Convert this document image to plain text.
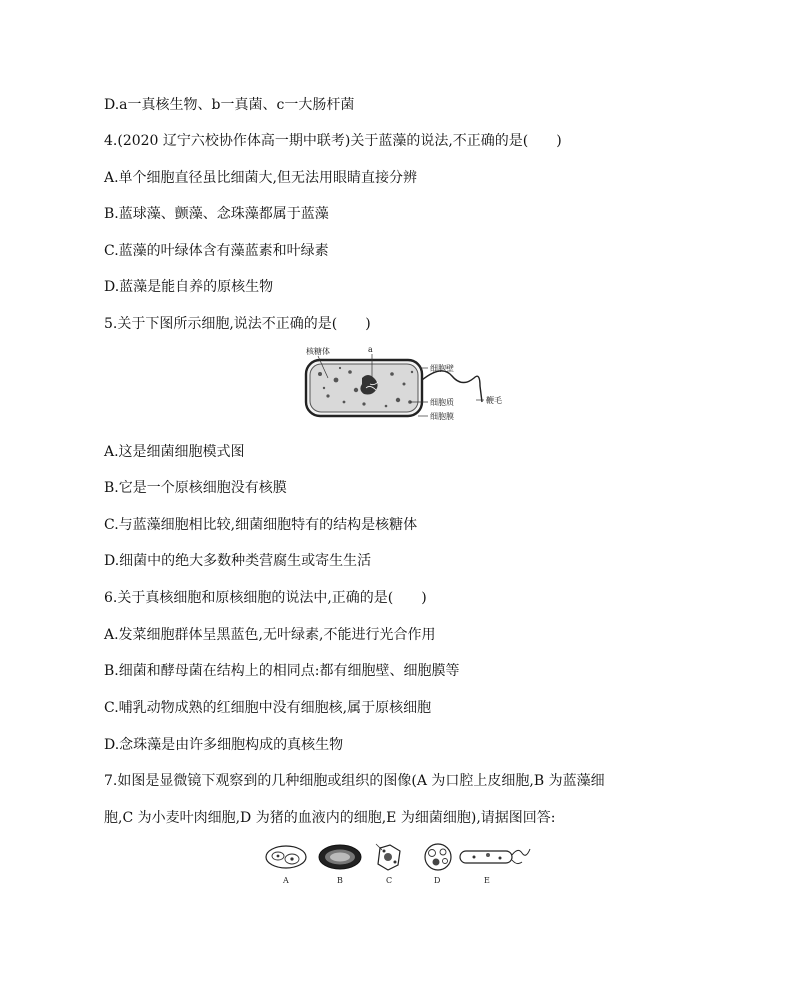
D.a一真核生物、b一真菌、c一大肠杆菌
4.(2020 辽宁六校协作体高一期中联考)关于蓝藻的说法,不正确的是(　　)
A.单个细胞直径虽比细菌大,但无法用眼睛直接分辨
B.蓝球藻、颤藻、念珠藻都属于蓝藻
C.蓝藻的叶绿体含有藻蓝素和叶绿素
D.蓝藻是能自养的原核生物
5.关于下图所示细胞,说法不正确的是(　　)
核糖体	a
细胞壁
鞭毛
细胞质
细胞膜
A.这是细菌细胞模式图
B.它是一个原核细胞没有核膜
C.与蓝藻细胞相比较,细菌细胞特有的结构是核糖体
D.细菌中的绝大多数种类营腐生或寄生生活
6.关于真核细胞和原核细胞的说法中,正确的是(　　)
A.发菜细胞群体呈黑蓝色,无叶绿素,不能进行光合作用
B.细菌和酵母菌在结构上的相同点:都有细胞壁、细胞膜等
C.哺乳动物成熟的红细胞中没有细胞核,属于原核细胞
D.念珠藻是由许多细胞构成的真核生物
7.如图是显微镜下观察到的几种细胞或组织的图像(A 为口腔上皮细胞,B 为蓝藻细
胞,C 为小麦叶肉细胞,D 为猪的血液内的细胞,E 为细菌细胞),请据图回答:
A	B	C	D	E
